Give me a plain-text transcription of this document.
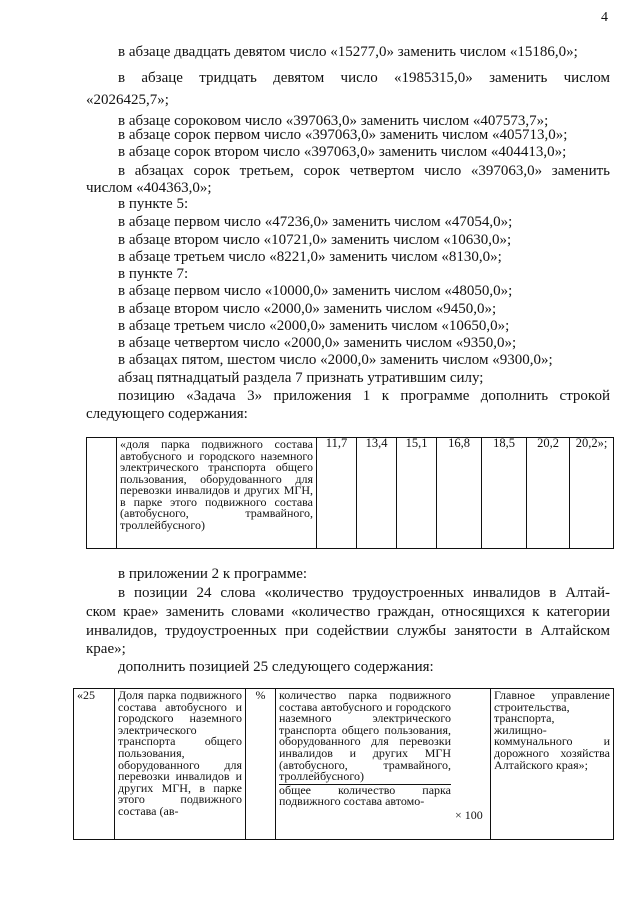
4
в абзаце двадцать девятом число «15277,0» заменить числом «15186,0»;
в абзаце тридцать девятом число «1985315,0» заменить числом
«2026425,7»;
в абзаце сороковом число «397063,0» заменить числом «407573,7»;
в абзаце сорок первом число «397063,0» заменить числом «405713,0»;
в абзаце сорок втором число «397063,0» заменить числом «404413,0»;
в абзацах сорок третьем, сорок четвертом число «397063,0» заменить
числом «404363,0»;
в пункте 5:
в абзаце первом число «47236,0» заменить числом «47054,0»;
в абзаце втором число «10721,0» заменить числом «10630,0»;
в абзаце третьем число «8221,0» заменить числом «8130,0»;
в пункте 7:
в абзаце первом число «10000,0» заменить числом «48050,0»;
в абзаце втором число «2000,0» заменить числом «9450,0»;
в абзаце третьем число «2000,0» заменить числом «10650,0»;
в абзаце четвертом число «2000,0» заменить числом «9350,0»;
в абзацах пятом, шестом число «2000,0» заменить числом «9300,0»;
абзац пятнадцатый раздела 7 признать утратившим силу;
позицию «Задача 3» приложения 1 к программе дополнить строкой
следующего содержания:
	«доля парка подвижного состава автобусного и городского наземного электрического транспорта общего пользования, оборудованного для перевозки инвалидов и других МГН, в парке этого подвижного состава (автобусного, трамвайного, троллейбусного)	11,7	13,4	15,1	16,8	18,5	20,2	20,2»;
в приложении 2 к программе:
в позиции 24 слова «количество трудоустроенных инвалидов в Алтай-
ском крае» заменить словами «количество граждан, относящихся к категории
инвалидов, трудоустроенных при содействии службы занятости в Алтайском
крае»;
дополнить позицией 25 следующего содержания:
«25	Доля парка подвижного состава автобусного и городского наземного электрического транспорта общего пользования, оборудованного для перевозки инвалидов и других МГН, в парке этого подвижного состава (ав-	%	количество парка подвижного состава автобусного и городского наземного электрического транспорта общего пользования, оборудованного для перевозки инвалидов и других МГН (автобусного, трамвайного, троллейбусного)
общее количество парка подвижного состава автомо-
× 100
	Главное управление строительства, транспорта, жилищно-коммунального и дорожного хозяйства Алтайского края»;
